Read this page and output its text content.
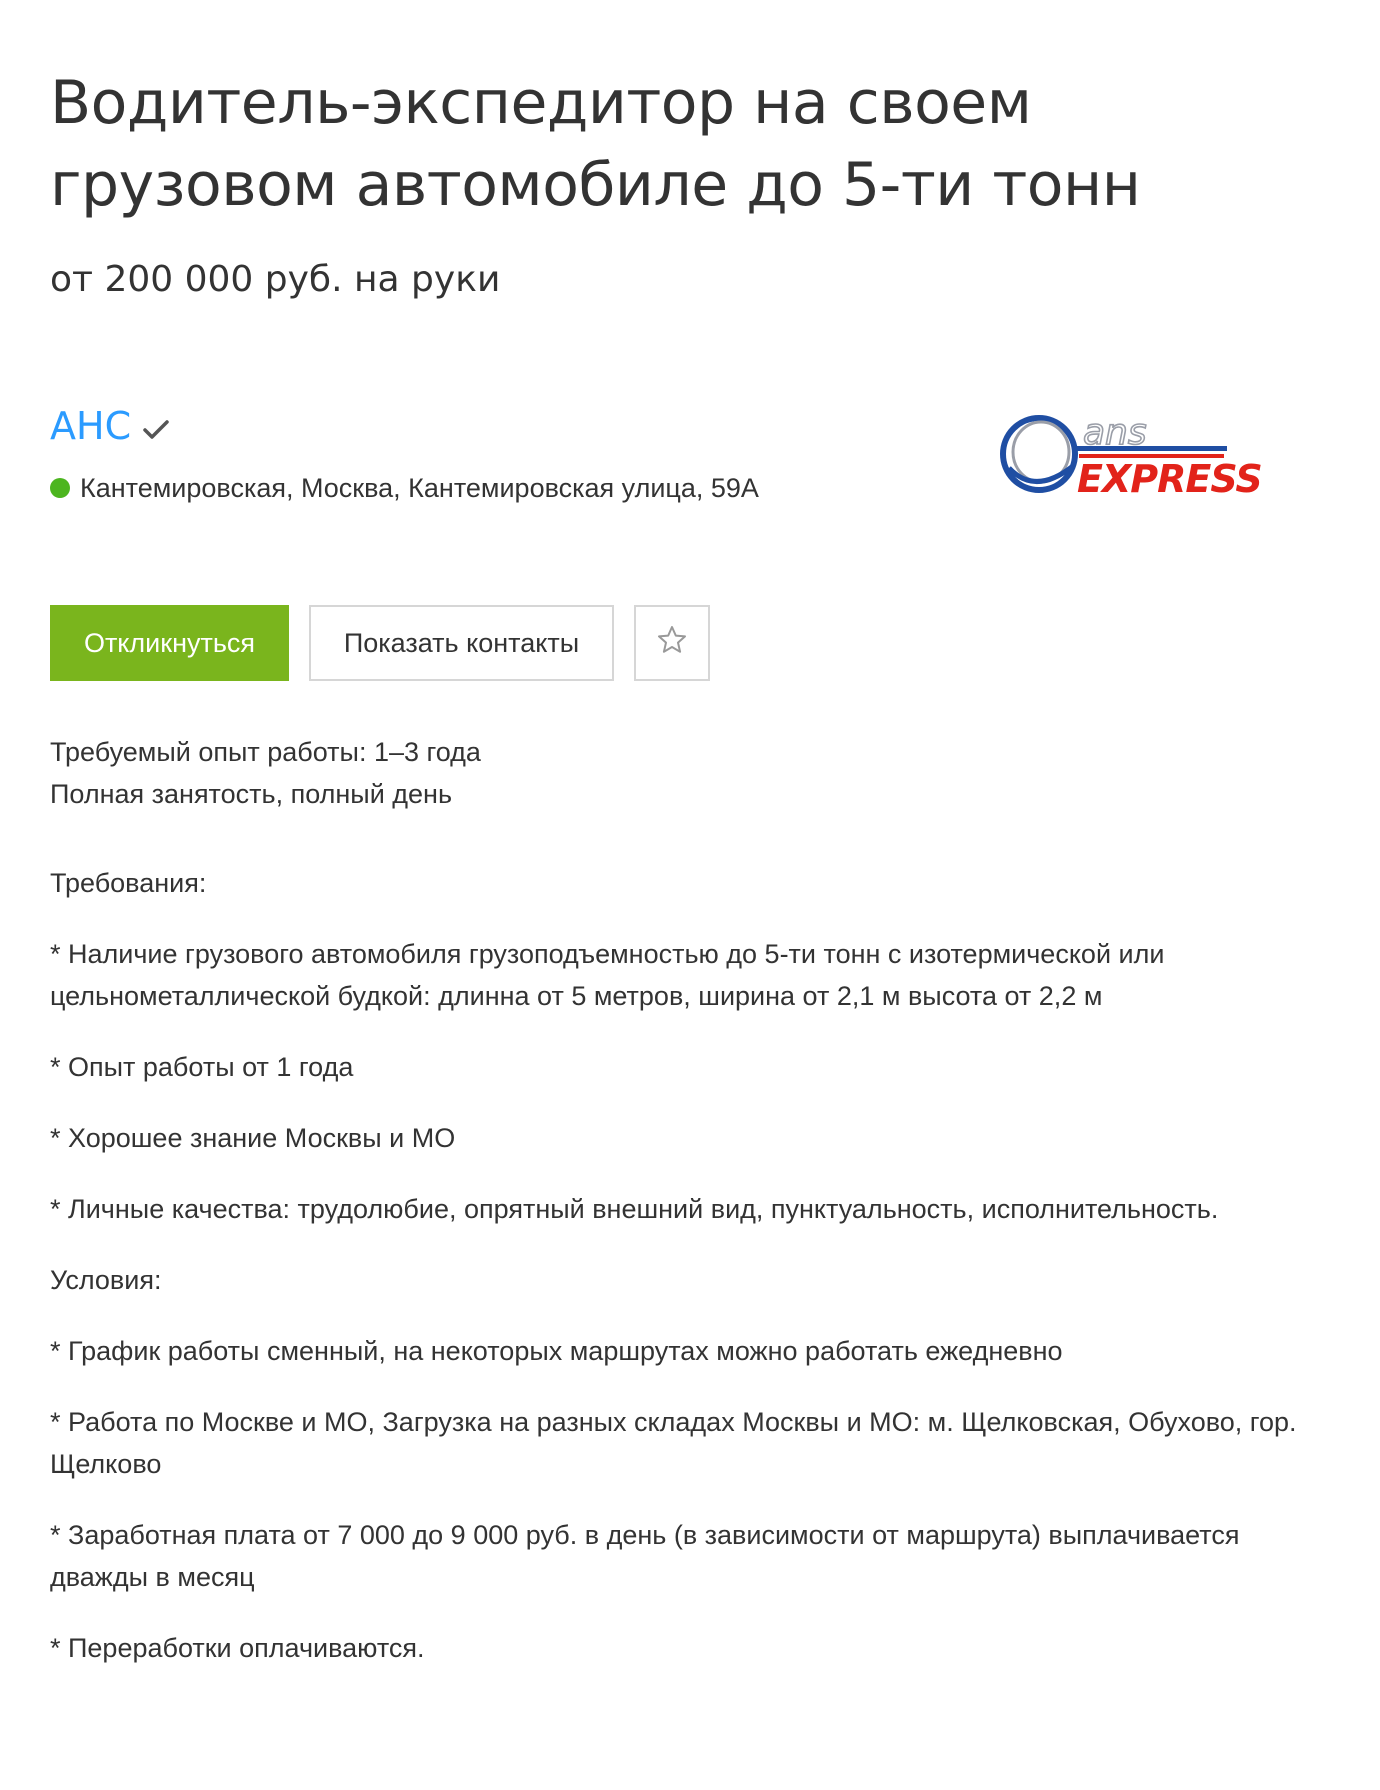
Водитель-экспедитор на своем грузовом автомобиле до 5-ти тонн

от 200 000 руб. на руки

АНС
Кантемировская, Москва, Кантемировская улица, 59А
ans
EXPRESS
Откликнуться	Показать контакты

Требуемый опыт работы: 1–3 года

Полная занятость, полный день

Требования:

* Наличие грузового автомобиля грузоподъемностью до 5-ти тонн с изотермической или цельнометаллической будкой: длинна от 5 метров, ширина от 2,1 м высота от 2,2 м

* Опыт работы от 1 года

* Хорошее знание Москвы и МО

* Личные качества: трудолюбие, опрятный внешний вид, пунктуальность, исполнительность.

Условия:

* График работы сменный, на некоторых маршрутах можно работать ежедневно

* Работа по Москве и МО, Загрузка на разных складах Москвы и МО: м. Щелковская, Обухово, гор. Щелково

* Заработная плата от 7 000 до 9 000 руб. в день (в зависимости от маршрута) выплачивается дважды в месяц

* Переработки оплачиваются.
